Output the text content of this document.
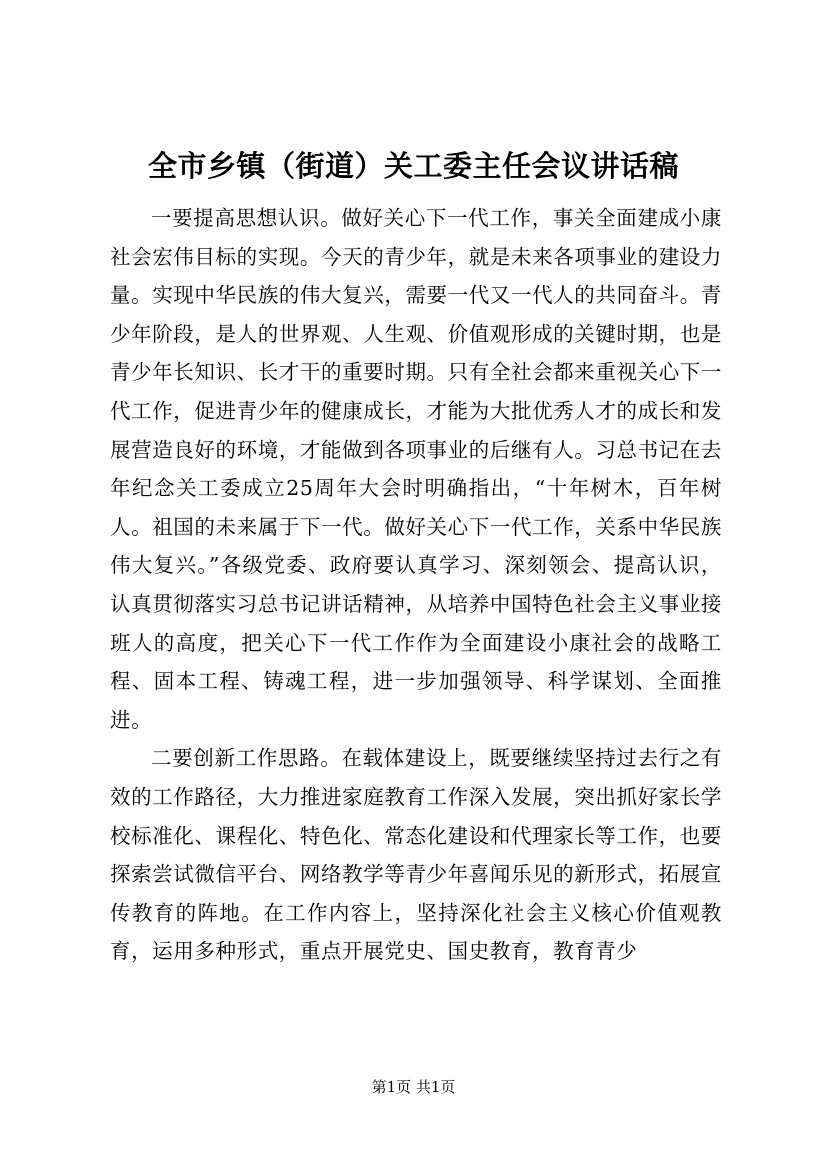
全市乡镇（街道）关工委主任会议讲话稿

一要提高思想认识。做好关心下一代工作，事关全面建成小康社会宏伟目标的实现。今天的青少年，就是未来各项事业的建设力量。实现中华民族的伟大复兴，需要一代又一代人的共同奋斗。青少年阶段，是人的世界观、人生观、价值观形成的关键时期，也是青少年长知识、长才干的重要时期。只有全社会都来重视关心下一代工作，促进青少年的健康成长，才能为大批优秀人才的成长和发展营造良好的环境，才能做到各项事业的后继有人。习总书记在去年纪念关工委成立25周年大会时明确指出，“十年树木，百年树人。祖国的未来属于下一代。做好关心下一代工作，关系中华民族伟大复兴。”各级党委、政府要认真学习、深刻领会、提高认识，认真贯彻落实习总书记讲话精神，从培养中国特色社会主义事业接班人的高度，把关心下一代工作作为全面建设小康社会的战略工程、固本工程、铸魂工程，进一步加强领导、科学谋划、全面推进。

二要创新工作思路。在载体建设上，既要继续坚持过去行之有效的工作路径，大力推进家庭教育工作深入发展，突出抓好家长学校标准化、课程化、特色化、常态化建设和代理家长等工作，也要探索尝试微信平台、网络教学等青少年喜闻乐见的新形式，拓展宣传教育的阵地。在工作内容上，坚持深化社会主义核心价值观教育，运用多种形式，重点开展党史、国史教育，教育青少

第1页 共1页
